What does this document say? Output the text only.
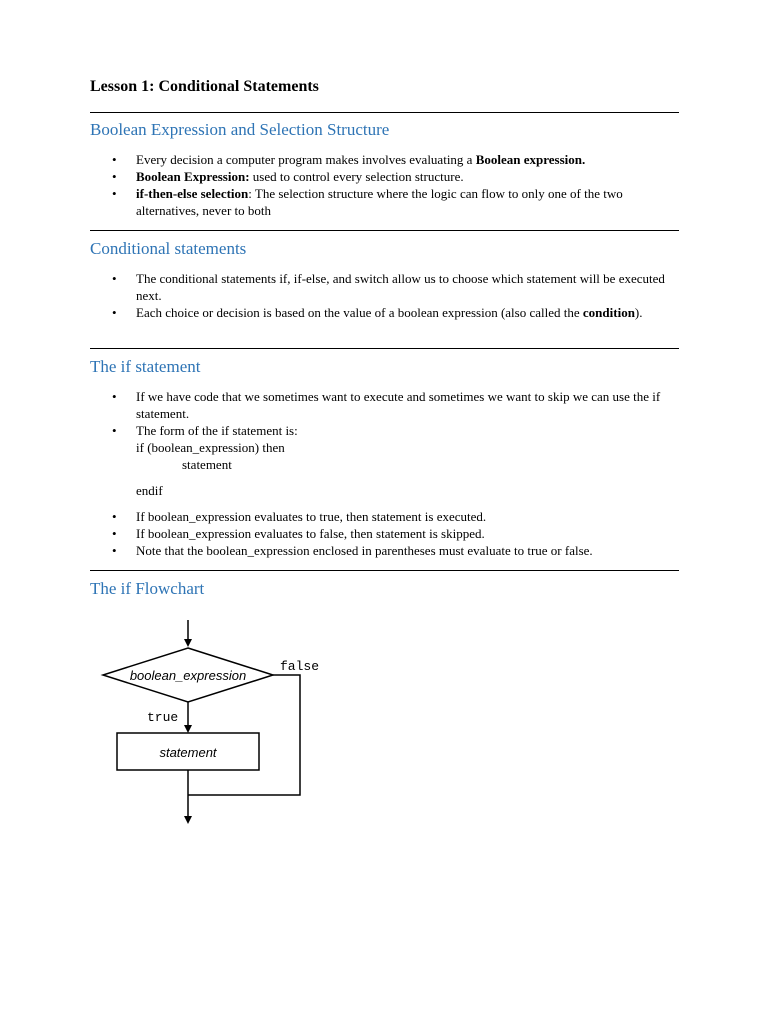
Lesson 1: Conditional Statements
Boolean Expression and Selection Structure
• Every decision a computer program makes involves evaluating a Boolean expression.
• Boolean Expression: used to control every selection structure.
• if-then-else selection: The selection structure where the logic can flow to only one of the two alternatives, never to both
Conditional statements
• The conditional statements if, if-else, and switch allow us to choose which statement will be executed next.
• Each choice or decision is based on the value of a boolean expression (also called the condition).
The if statement
• If we have code that we sometimes want to execute and sometimes we want to skip we can use the if statement.
• The form of the if statement is:
if (boolean_expression) then
statement
endif
• If boolean_expression evaluates to true, then statement is executed.
• If boolean_expression evaluates to false, then statement is skipped.
• Note that the boolean_expression enclosed in parentheses must evaluate to true or false.
The if Flowchart
boolean_expression
false
true
statement
